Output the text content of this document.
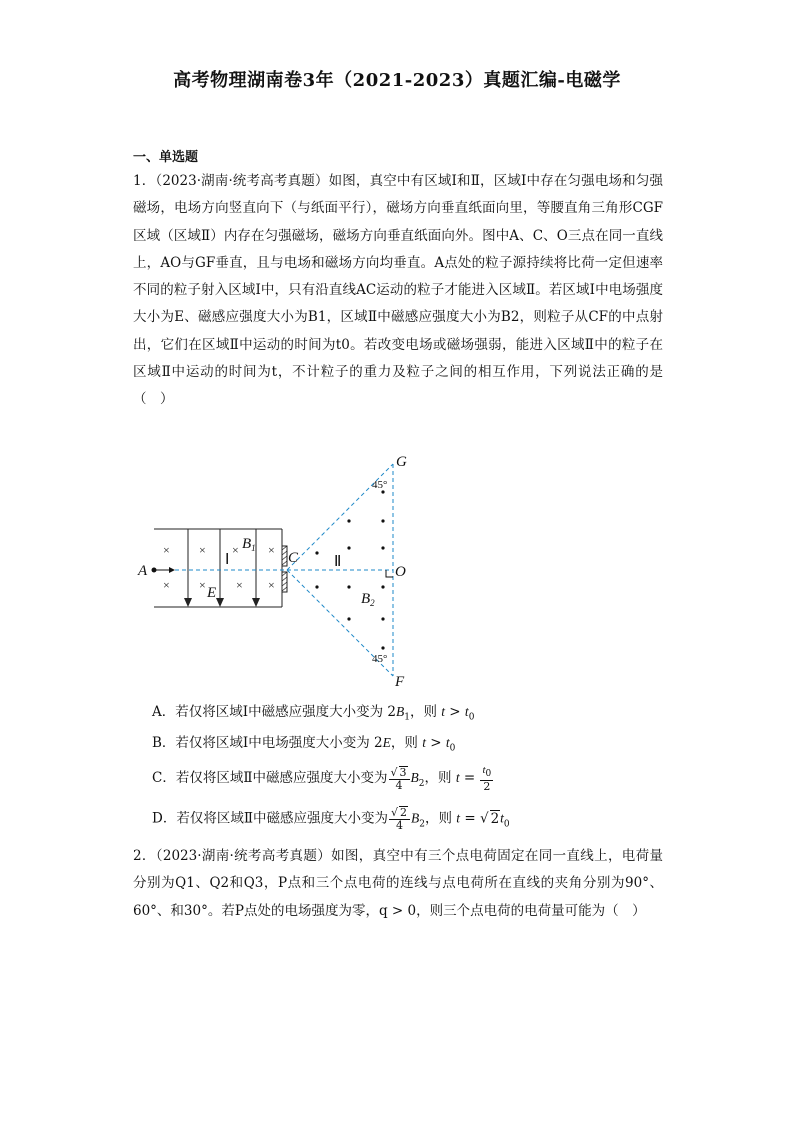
高考物理湖南卷3年（2021-2023）真题汇编-电磁学
一、单选题
1．（2023·湖南·统考高考真题）如图，真空中有区域Ⅰ和Ⅱ，区域Ⅰ中存在匀强电场和匀强磁场，电场方向竖直向下（与纸面平行），磁场方向垂直纸面向里，等腰直角三角形CGF区域（区域Ⅱ）内存在匀强磁场，磁场方向垂直纸面向外。图中A、C、O三点在同一直线上，AO与GF垂直，且与电场和磁场方向均垂直。A点处的粒子源持续将比荷一定但速率不同的粒子射入区域Ⅰ中，只有沿直线AC运动的粒子才能进入区域Ⅱ。若区域Ⅰ中电场强度大小为E、磁感应强度大小为B1，区域Ⅱ中磁感应强度大小为B2，则粒子从CF的中点射出，它们在区域Ⅱ中运动的时间为t0。若改变电场或磁场强弱，能进入区域Ⅱ中的粒子在区域Ⅱ中运动的时间为t，不计粒子的重力及粒子之间的相互作用，下列说法正确的是（　）
× × × ×
× ×	× ×
A
C
O
G
F
E
$B_1$
$B_2$
Ⅰ	Ⅱ
45°
45°
A．若仅将区域Ⅰ中磁感应强度大小变为 $2B_1$，则 $t > t_0$
B．若仅将区域Ⅰ中电场强度大小变为 2E，则 $t > t_0$
C．若仅将区域Ⅱ中磁感应强度大小变为 $\frac{√ 3}{4} B_2$，则 $t = \frac{t_0}{2}$
D．若仅将区域Ⅱ中磁感应强度大小变为 $\frac{√ 2}{4} B_2$，则 t = √ $2t_0$
2．（2023·湖南·统考高考真题）如图，真空中有三个点电荷固定在同一直线上，电荷量分别为Q1、Q2和Q3，P点和三个点电荷的连线与点电荷所在直线的夹角分别为90°、60°、和30°。若P点处的电场强度为零，q > 0，则三个点电荷的电荷量可能为（　）
